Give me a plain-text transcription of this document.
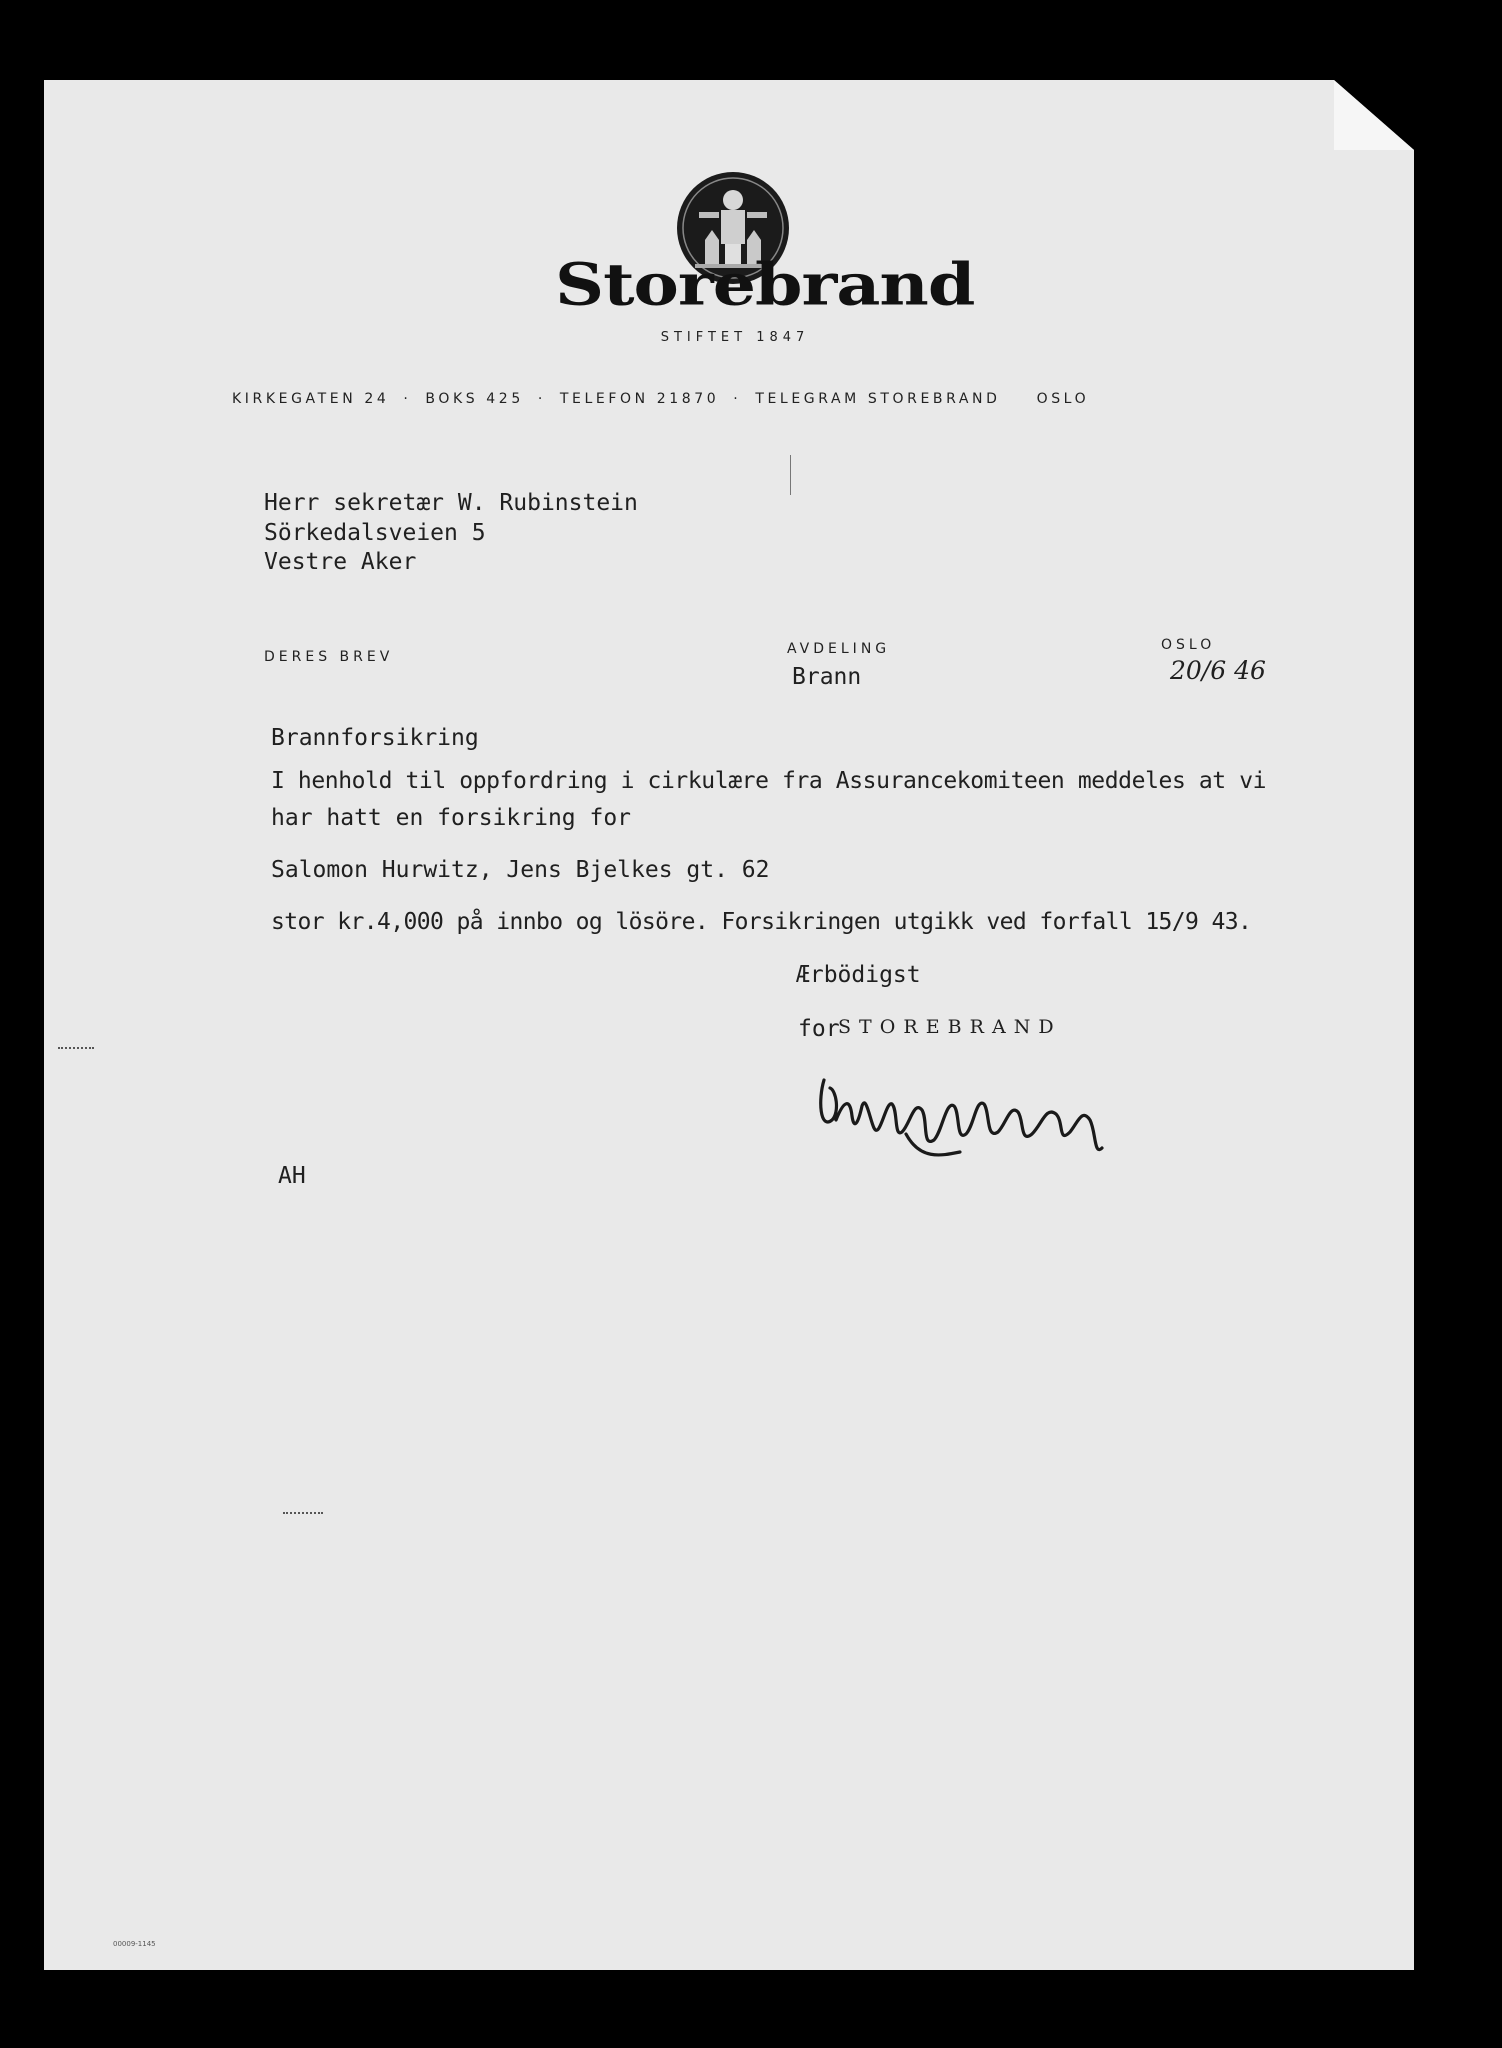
Storebrand
STIFTET 1847
KIRKEGATEN 24 · BOKS 425 · TELEFON 21870 · TELEGRAM STOREBRAND	OSLO
Herr sekretær W. Rubinstein
Sörkedalsveien 5
Vestre Aker
DERES BREV	AVDELING
Brann
OSLO
20/6 46
Brannforsikring
I henhold til oppfordring i cirkulære fra Assurancekomiteen meddeles at vi
har hatt en forsikring for
Salomon Hurwitz, Jens Bjelkes gt. 62
stor kr.4,000 på innbo og lösöre. Forsikringen utgikk ved forfall 15/9 43.
Ærbödigst
for
S T O R E B R A N D
AH
00009-1145
